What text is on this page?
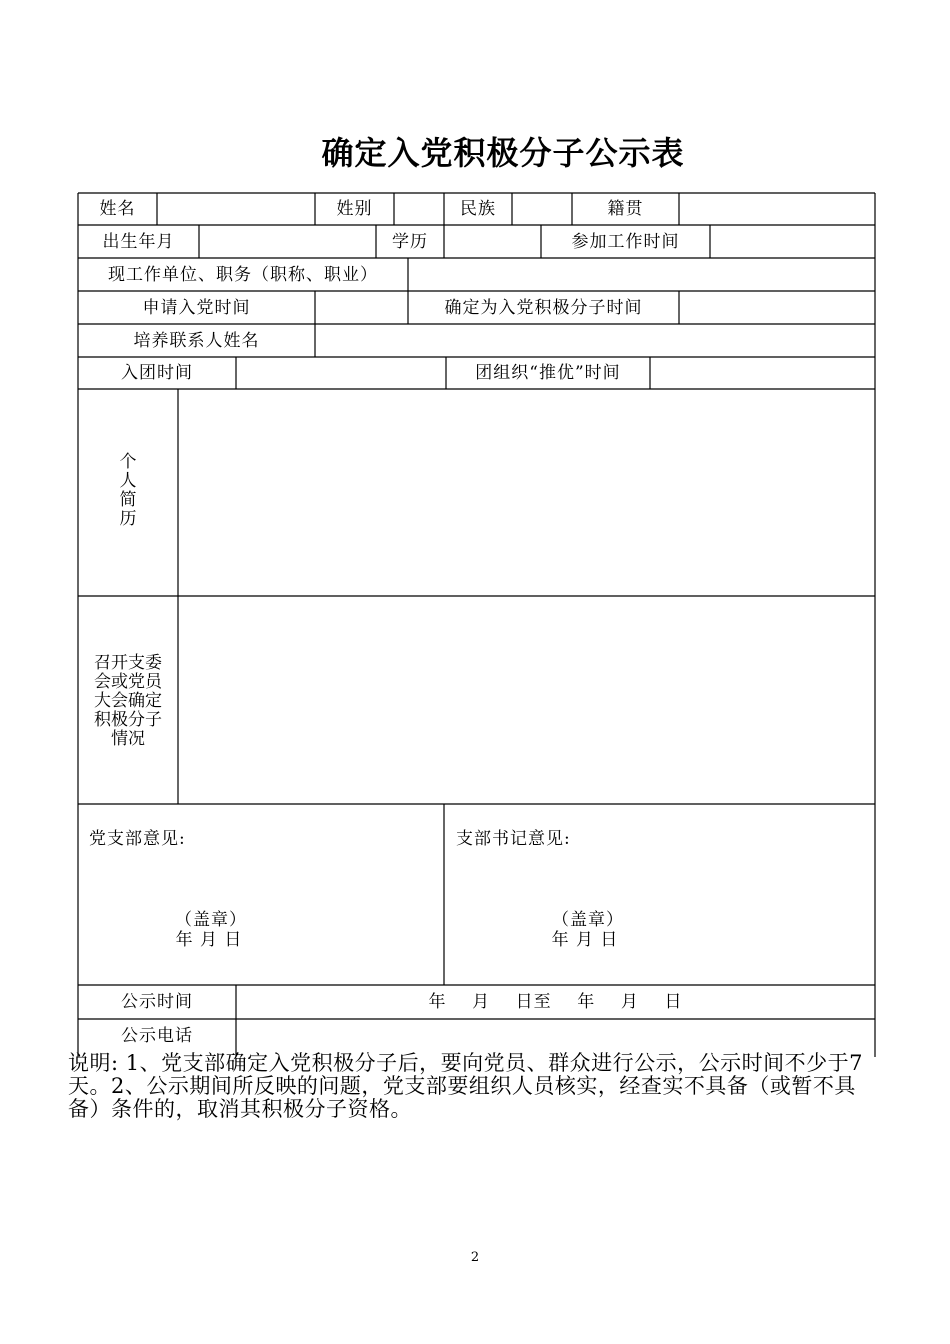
确定入党积极分子公示表
姓名	姓别	民族	籍贯
出生年月	学历	参加工作时间
现工作单位、职务（职称、职业）
申请入党时间	确定为入党积极分子时间
培养联系人姓名
入团时间	团组织“推优”时间
个
人
简
历
召开支委
会或党员
大会确定
积极分子
情况
党支部意见:
（盖章）
年 月 日
支部书记意见:
（盖章）
年 月 日
公示时间	年    月    日至    年    月    日
公示电话
说明: 1、党支部确定入党积极分子后，要向党员、群众进行公示，公示时间不少于7天。2、公示期间所反映的问题，党支部要组织人员核实，经查实不具备（或暂不具备）条件的，取消其积极分子资格。
2
